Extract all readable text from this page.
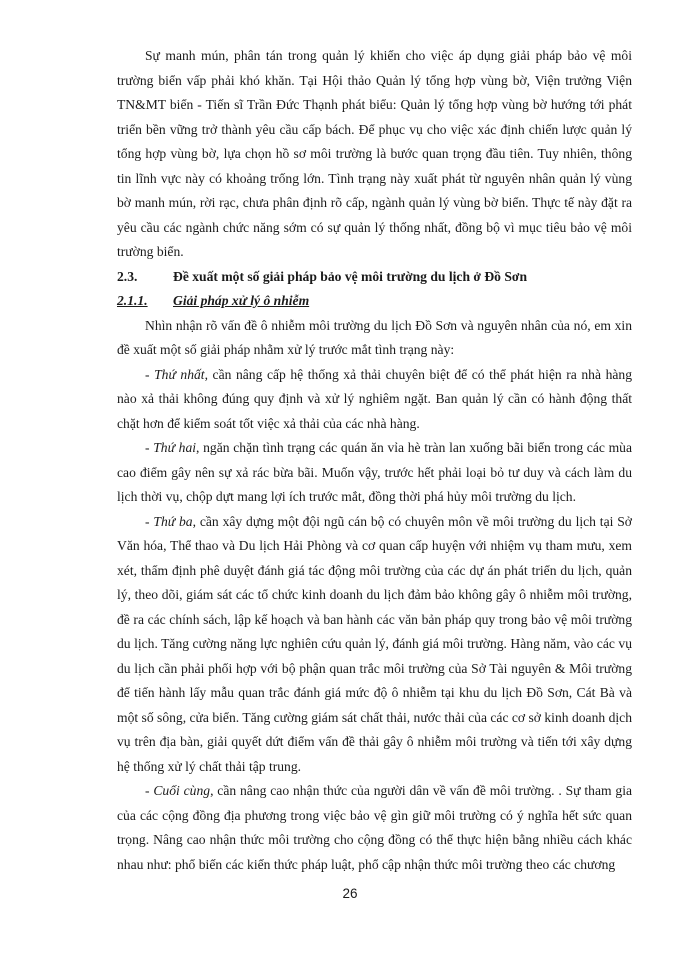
Sự manh mún, phân tán trong quản lý khiến cho việc áp dụng giải pháp bảo vệ môi trường biển vấp phải khó khăn. Tại Hội thảo Quản lý tổng hợp vùng bờ, Viện trưởng Viện TN&MT biển - Tiến sĩ Trần Đức Thạnh phát biểu: Quản lý tổng hợp vùng bờ hướng tới phát triển bền vững trở thành yêu cầu cấp bách. Để phục vụ cho việc xác định chiến lược quản lý tổng hợp vùng bờ, lựa chọn hồ sơ môi trường là bước quan trọng đầu tiên. Tuy nhiên, thông tin lĩnh vực này có khoảng trống lớn. Tình trạng này xuất phát từ nguyên nhân quản lý vùng bờ manh mún, rời rạc, chưa phân định rõ cấp, ngành quản lý vùng bờ biển. Thực tế này đặt ra yêu cầu các ngành chức năng sớm có sự quản lý thống nhất, đồng bộ vì mục tiêu bảo vệ môi trường biển.

2.3.	Đề xuất một số giải pháp bảo vệ môi trường du lịch ở Đồ Sơn
2.1.1.	Giải pháp xử lý ô nhiễm

Nhìn nhận rõ vấn đề ô nhiễm môi trường du lịch Đồ Sơn và nguyên nhân của nó, em xin đề xuất một số giải pháp nhằm xử lý trước mắt tình trạng này:

- Thứ nhất, cần nâng cấp hệ thống xả thải chuyên biệt để có thể phát hiện ra nhà hàng nào xả thải không đúng quy định và xử lý nghiêm ngặt. Ban quản lý cần có hành động thất chặt hơn để kiểm soát tốt việc xả thải của các nhà hàng.

- Thứ hai, ngăn chặn tình trạng các quán ăn vỉa hè tràn lan xuống bãi biển trong các mùa cao điểm gây nên sự xả rác bừa bãi. Muốn vậy, trước hết phải loại bỏ tư duy và cách làm du lịch thời vụ, chộp dựt mang lợi ích trước mắt, đồng thời phá hủy môi trường du lịch.

- Thứ ba, cần xây dựng một đội ngũ cán bộ có chuyên môn về môi trường du lịch tại Sở Văn hóa, Thể thao và Du lịch Hải Phòng và cơ quan cấp huyện với nhiệm vụ tham mưu, xem xét, thẩm định phê duyệt đánh giá tác động môi trường của các dự án phát triển du lịch, quản lý, theo dõi, giám sát các tổ chức kinh doanh du lịch đảm bảo không gây ô nhiễm môi trường, đề ra các chính sách, lập kế hoạch và ban hành các văn bản pháp quy trong bảo vệ môi trường du lịch. Tăng cường năng lực nghiên cứu quản lý, đánh giá môi trường. Hàng năm, vào các vụ du lịch cần phải phối hợp với bộ phận quan trắc môi trường của Sở Tài nguyên & Môi trường để tiến hành lấy mẫu quan trắc đánh giá mức độ ô nhiễm tại khu du lịch Đồ Sơn, Cát Bà và một số sông, cửa biển. Tăng cường giám sát chất thải, nước thải của các cơ sở kinh doanh dịch vụ trên địa bàn, giải quyết dứt điểm vấn đề thải gây ô nhiễm môi trường và tiến tới xây dựng hệ thống xử lý chất thải tập trung.

- Cuối cùng, cần nâng cao nhận thức của người dân về vấn đề môi trường. . Sự tham gia của các cộng đồng địa phương trong việc bảo vệ gìn giữ môi trường có ý nghĩa hết sức quan trọng. Nâng cao nhận thức môi trường cho cộng đồng có thể thực hiện bằng nhiều cách khác nhau như: phổ biến các kiến thức pháp luật, phổ cập nhận thức môi trường theo các chương

26
